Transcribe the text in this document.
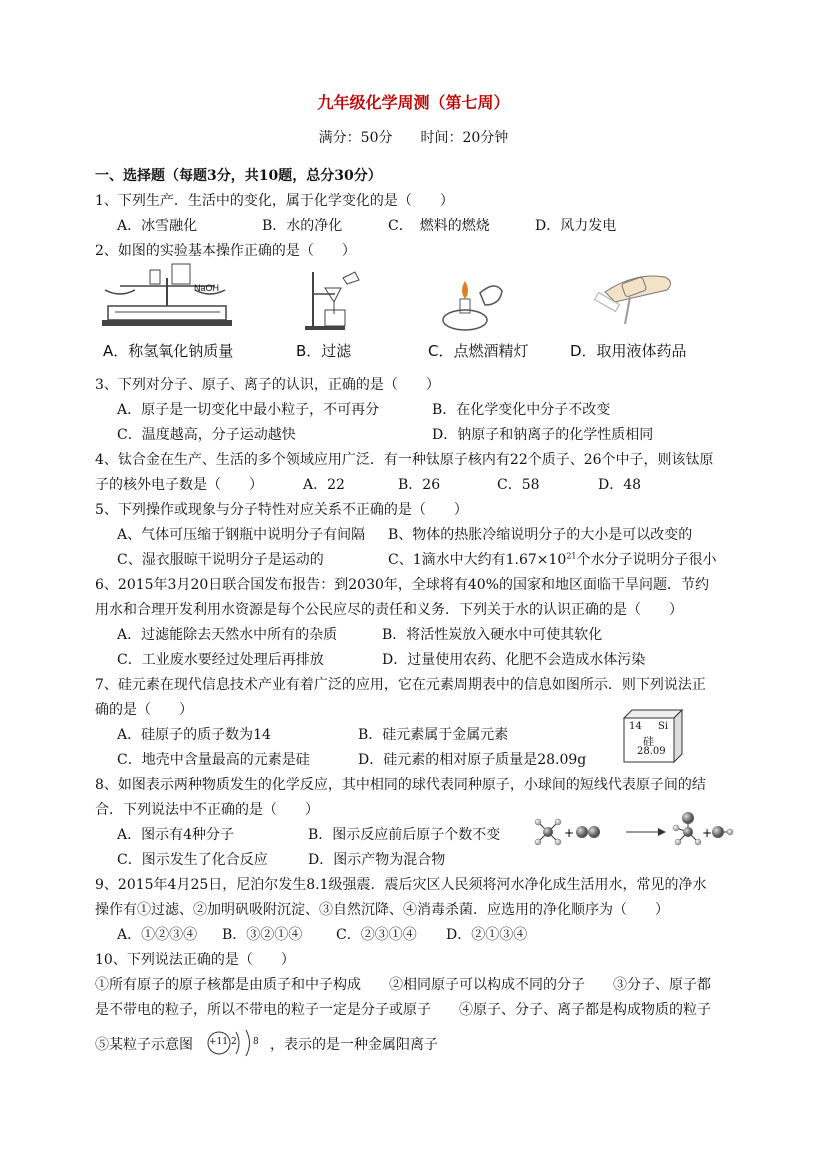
九年级化学周测（第七周）
满分：50分　　时间：20分钟
一、选择题（每题3分，共10题，总分30分）
1、下列生产．生活中的变化，属于化学变化的是（　　）
A．冰雪融化	B．水的净化	C．　燃料的燃烧	D．风力发电
2、如图的实验基本操作正确的是（　　）
NaOH
A．称氢氧化钠质量	B．过滤	C．点燃酒精灯	D．取用液体药品
3、下列对分子、原子、离子的认识，正确的是（　　）
A．原子是一切变化中最小粒子，不可再分	B．在化学变化中分子不改变
C．温度越高，分子运动越快	D．钠原子和钠离子的化学性质相同
4、钛合金在生产、生活的多个领域应用广泛．有一种钛原子核内有22个质子、26个中子，则该钛原
子的核外电子数是（　　）	A．22	B．26	C．58	D．48
5、下列操作或现象与分子特性对应关系不正确的是（　　）
A、气体可压缩于钢瓶中说明分子有间隔 B、物体的热胀冷缩说明分子的大小是可以改变的
C、湿衣服晾干说明分子是运动的	C、1滴水中大约有$1.67\times 10^{21}$个水分子说明分子很小
6、2015年3月20日联合国发布报告：到2030年，全球将有40%的国家和地区面临干旱问题．节约
用水和合理开发利用水资源是每个公民应尽的责任和义务．下列关于水的认识正确的是（　　）
A．过滤能除去天然水中所有的杂质	B．将活性炭放入硬水中可使其软化
C．工业废水要经过处理后再排放	D．过量使用农药、化肥不会造成水体污染
7、硅元素在现代信息技术产业有着广泛的应用，它在元素周期表中的信息如图所示．则下列说法正
确的是（　　）
A．硅原子的质子数为14	B．硅元素属于金属元素
C．地壳中含量最高的元素是硅	D．硅元素的相对原子质量是28.09g
14 Si
硅
28.09
8、如图表示两种物质发生的化学反应，其中相同的球代表同种原子，小球间的短线代表原子间的结
合．下列说法中不正确的是（　　）
A．图示有4种分子	B．图示反应前后原子个数不变
C．图示发生了化合反应	D．图示产物为混合物
+	+
9、2015年4月25日，尼泊尔发生8.1级强震．震后灾区人民须将河水净化成生活用水，常见的净水
操作有①过滤、②加明矾吸附沉淀、③自然沉降、④消毒杀菌．应选用的净化顺序为（　　）
A．①②③④ B．③②①④ C．②③①④ D．②①③④
10、下列说法正确的是（　　）
①所有原子的原子核都是由质子和中子构成　　②相同原子可以构成不同的分子　　③分子、原子都
是不带电的粒子，所以不带电的粒子一定是分子或原子　　④原子、分子、离子都是构成物质的粒子
⑤某粒子示意图 +11 2 8 ，表示的是一种金属阳离子
